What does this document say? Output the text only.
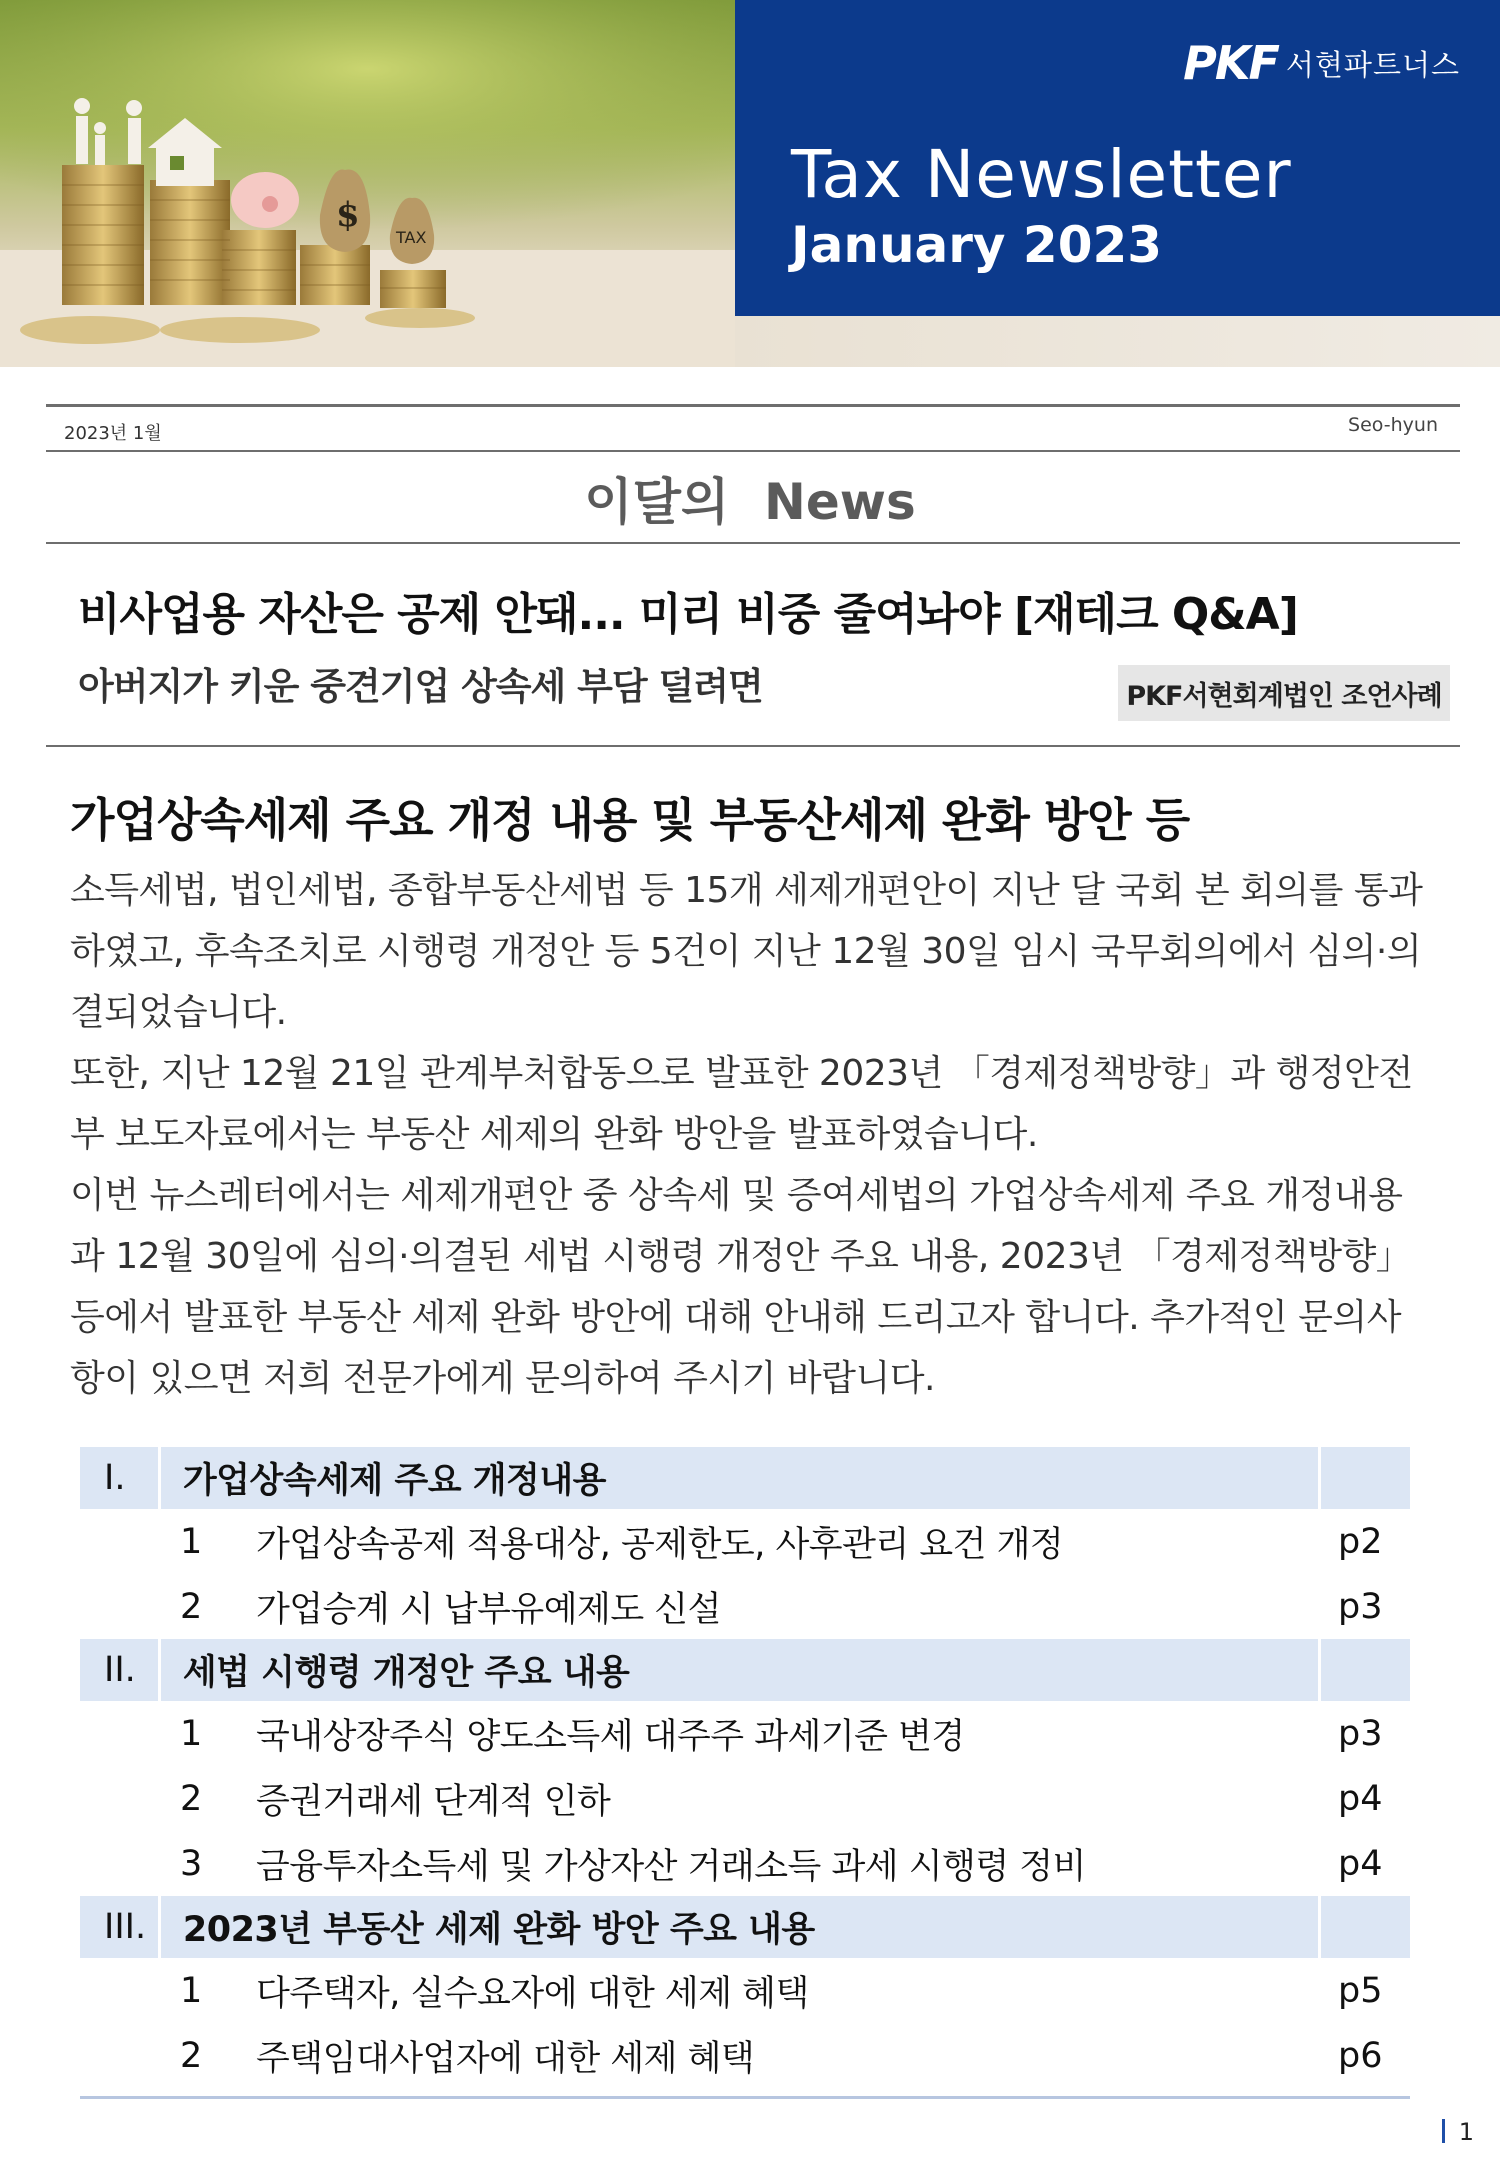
$
TAX
PKF 서현파트너스
Tax Newsletter
January 2023
2023년 1월	Seo-hyun
이달의  News
비사업용 자산은 공제 안돼... 미리 비중 줄여놔야 [재테크 Q&A]
아버지가 키운 중견기업 상속세 부담 덜려면	PKF서현회계법인 조언사례
가업상속세제 주요 개정 내용 및 부동산세제 완화 방안 등

소득세법, 법인세법, 종합부동산세법 등 15개 세제개편안이 지난 달 국회 본 회의를 통과하였고, 후속조치로 시행령 개정안 등 5건이 지난 12월 30일 임시 국무회의에서 심의·의결되었습니다.

또한, 지난 12월 21일 관계부처합동으로 발표한 2023년 「경제정책방향」과 행정안전부 보도자료에서는 부동산 세제의 완화 방안을 발표하였습니다.

이번 뉴스레터에서는 세제개편안 중 상속세 및 증여세법의 가업상속세제 주요 개정내용과 12월 30일에 심의·의결된 세법 시행령 개정안 주요 내용, 2023년 「경제정책방향」 등에서 발표한 부동산 세제 완화 방안에 대해 안내해 드리고자 합니다. 추가적인 문의사항이 있으면 저희 전문가에게 문의하여 주시기 바랍니다.

I.	가업상속세제 주요 개정내용
1	가업상속공제 적용대상, 공제한도, 사후관리 요건 개정	p2
2	가업승계 시 납부유예제도 신설	p3
II.	세법 시행령 개정안 주요 내용
1	국내상장주식 양도소득세 대주주 과세기준 변경	p3
2	증권거래세 단계적 인하	p4
3	금융투자소득세 및 가상자산 거래소득 과세 시행령 정비	p4
III.	2023년 부동산 세제 완화 방안 주요 내용
1	다주택자, 실수요자에 대한 세제 혜택	p5
2	주택임대사업자에 대한 세제 혜택	p6
1
